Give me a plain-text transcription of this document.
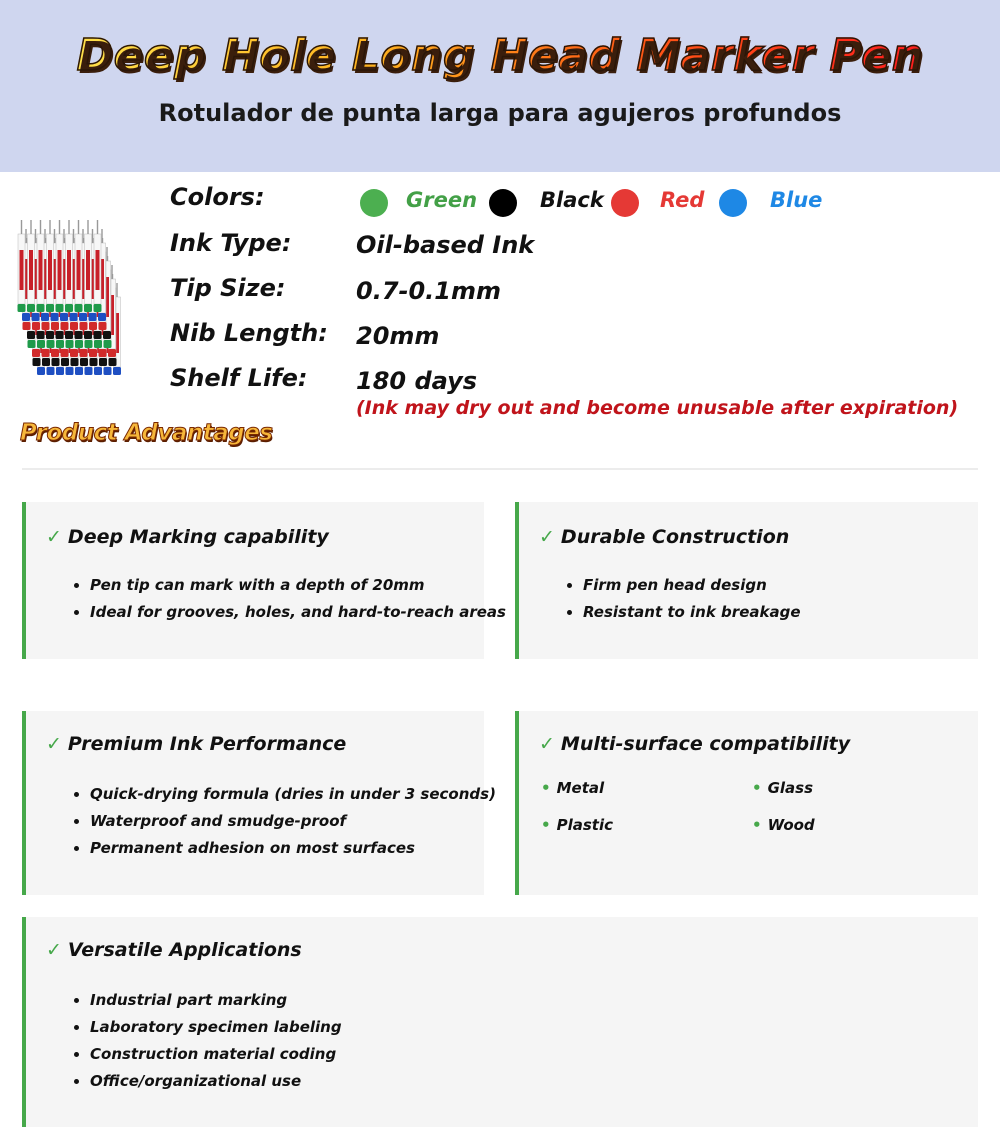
Deep Hole Long Head Marker Pen
Rotulador de punta larga para agujeros profundos
Colors:	Green	Black	Red	Blue
Ink Type:	Oil-based Ink
Tip Size:	0.7-0.1mm
Nib Length: 20mm
Shelf Life: 180 days
(Ink may dry out and become unusable after expiration)
Product Advantages
✓ Deep Marking capability
Pen tip can mark with a depth of 20mm
Ideal for grooves, holes, and hard-to-reach areas
✓ Durable Construction
Firm pen head design
Resistant to ink breakage
✓ Premium Ink Performance
Quick-drying formula (dries in under 3 seconds)
Waterproof and smudge-proof
Permanent adhesion on most surfaces
✓ Multi-surface compatibility
• Metal	• Glass
• Plastic	• Wood
✓ Versatile Applications
Industrial part marking
Laboratory specimen labeling
Construction material coding
Office/organizational use
